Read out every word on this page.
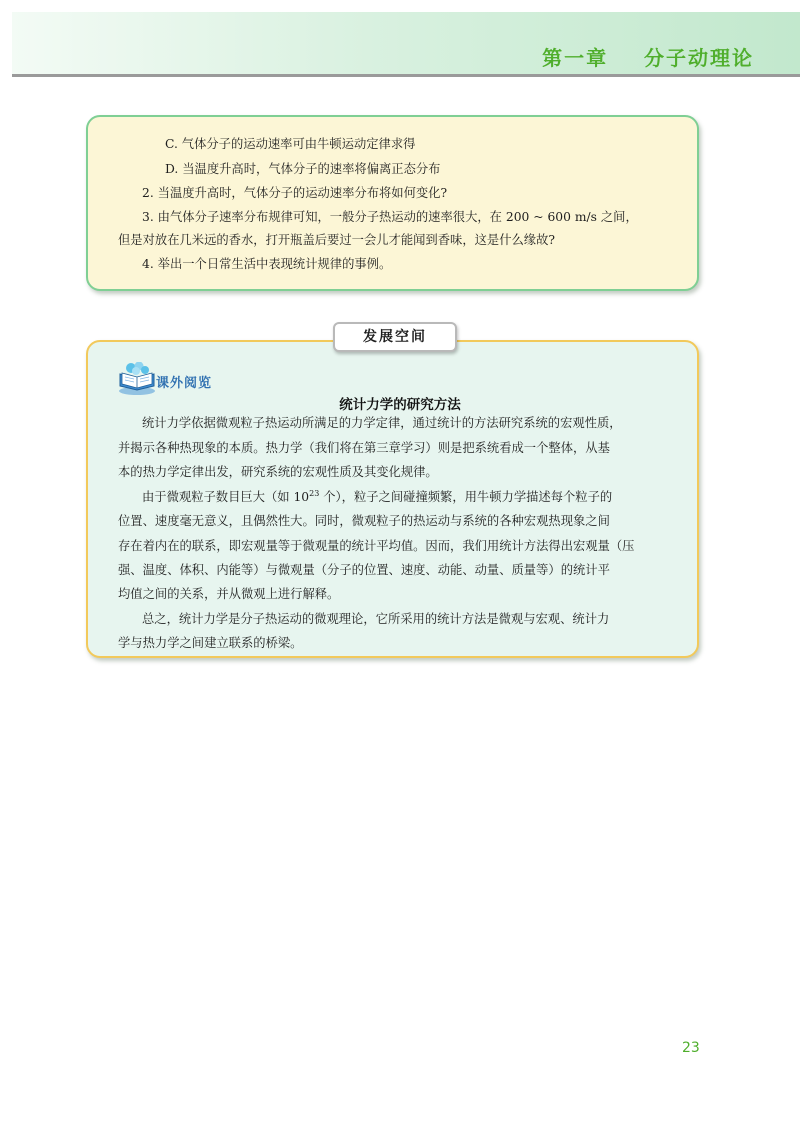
第一章    分子动理论
C. 气体分子的运动速率可由牛顿运动定律求得
D. 当温度升高时，气体分子的速率将偏离正态分布
2. 当温度升高时，气体分子的运动速率分布将如何变化?
3. 由气体分子速率分布规律可知，一般分子热运动的速率很大，在 200 ~ 600 m/s 之间，
但是对放在几米远的香水，打开瓶盖后要过一会儿才能闻到香味，这是什么缘故?
4. 举出一个日常生活中表现统计规律的事例。
发展空间
课外阅览
统计力学的研究方法
统计力学依据微观粒子热运动所满足的力学定律，通过统计的方法研究系统的宏观性质，
并揭示各种热现象的本质。热力学（我们将在第三章学习）则是把系统看成一个整体，从基
本的热力学定律出发，研究系统的宏观性质及其变化规律。
由于微观粒子数目巨大（如 $10^{23}$ 个），粒子之间碰撞频繁，用牛顿力学描述每个粒子的
位置、速度毫无意义，且偶然性大。同时，微观粒子的热运动与系统的各种宏观热现象之间
存在着内在的联系，即宏观量等于微观量的统计平均值。因而，我们用统计方法得出宏观量（压
强、温度、体积、内能等）与微观量（分子的位置、速度、动能、动量、质量等）的统计平
均值之间的关系，并从微观上进行解释。
总之，统计力学是分子热运动的微观理论，它所采用的统计方法是微观与宏观、统计力
学与热力学之间建立联系的桥梁。
23
